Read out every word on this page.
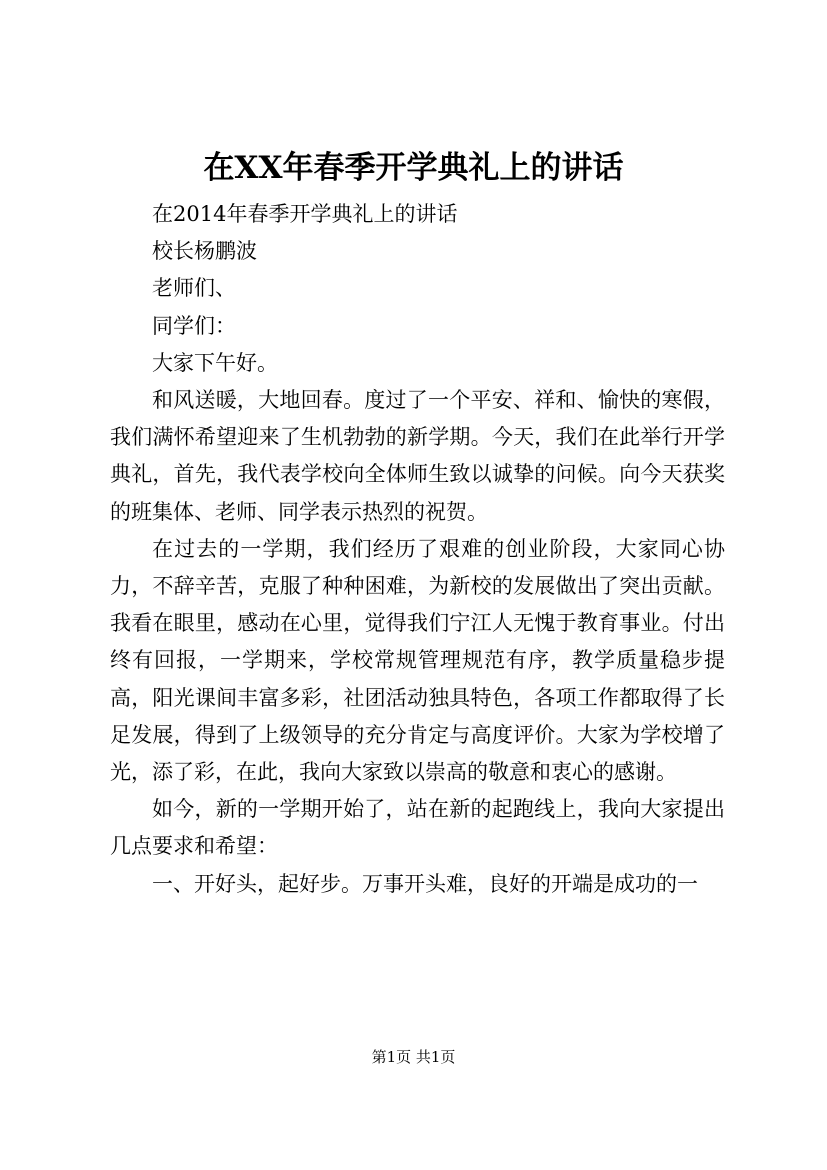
在XX年春季开学典礼上的讲话

在2014年春季开学典礼上的讲话

校长杨鹏波

老师们、

同学们：

大家下午好。

和风送暖，大地回春。度过了一个平安、祥和、愉快的寒假，我们满怀希望迎来了生机勃勃的新学期。今天，我们在此举行开学典礼，首先，我代表学校向全体师生致以诚挚的问候。向今天获奖的班集体、老师、同学表示热烈的祝贺。

在过去的一学期，我们经历了艰难的创业阶段，大家同心协力，不辞辛苦，克服了种种困难，为新校的发展做出了突出贡献。我看在眼里，感动在心里，觉得我们宁江人无愧于教育事业。付出终有回报，一学期来，学校常规管理规范有序，教学质量稳步提高，阳光课间丰富多彩，社团活动独具特色，各项工作都取得了长足发展，得到了上级领导的充分肯定与高度评价。大家为学校增了光，添了彩，在此，我向大家致以崇高的敬意和衷心的感谢。

如今，新的一学期开始了，站在新的起跑线上，我向大家提出几点要求和希望：

一、开好头，起好步。万事开头难，良好的开端是成功的一

第1页 共1页
